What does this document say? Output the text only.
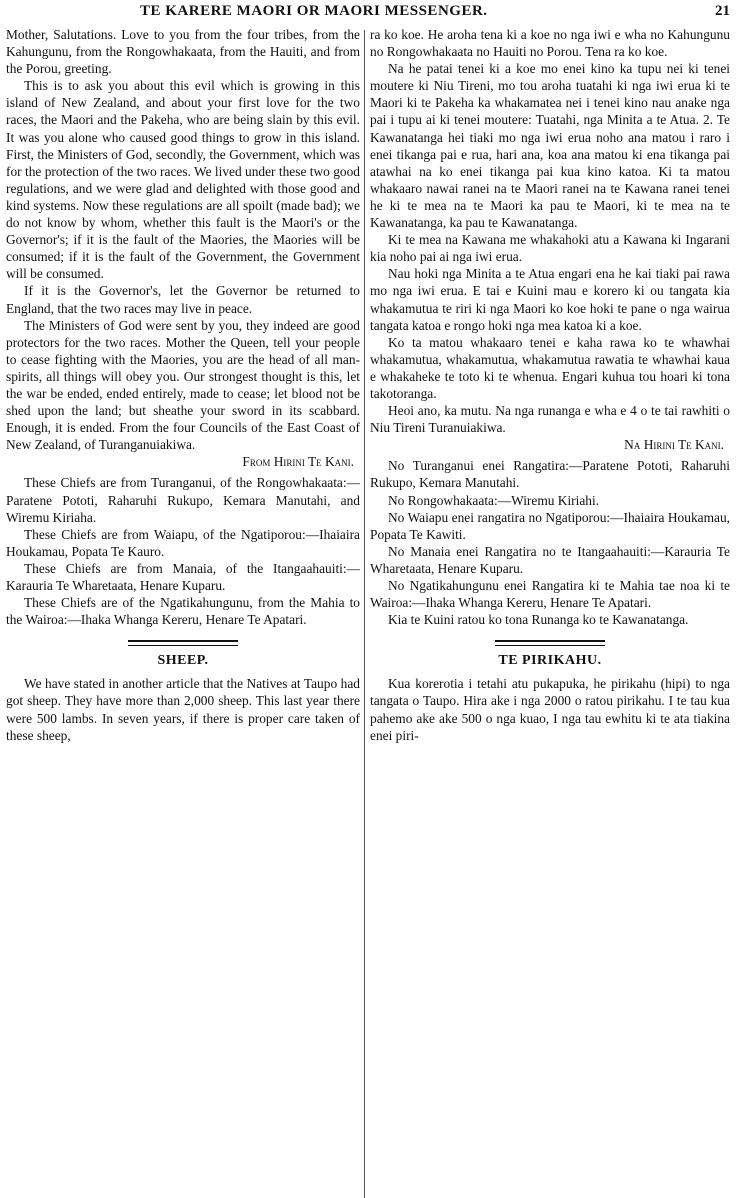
TE KARERE MAORI OR MAORI MESSENGER.	21

Mother, Salutations. Love to you from the four tribes, from the Kahungunu, from the Rongowhakaata, from the Hauiti, and from the Porou, greeting.

This is to ask you about this evil which is growing in this island of New Zealand, and about your first love for the two races, the Maori and the Pakeha, who are being slain by this evil. It was you alone who caused good things to grow in this island. First, the Ministers of God, secondly, the Government, which was for the protection of the two races. We lived under these two good regulations, and we were glad and delighted with those good and kind systems. Now these regulations are all spoilt (made bad); we do not know by whom, whether this fault is the Maori's or the Governor's; if it is the fault of the Maories, the Maories will be consumed; if it is the fault of the Government, the Government will be consumed.

If it is the Governor's, let the Governor be returned to England, that the two races may live in peace.

The Ministers of God were sent by you, they indeed are good protectors for the two races. Mother the Queen, tell your people to cease fighting with the Maories, you are the head of all man-spirits, all things will obey you. Our strongest thought is this, let the war be ended, ended entirely, made to cease; let blood not be shed upon the land; but sheathe your sword in its scabbard. Enough, it is ended. From the four Councils of the East Coast of New Zealand, of Turanganuiakiwa.

From Hirini Te Kani.

These Chiefs are from Turanganui, of the Rongowhakaata:—Paratene Pototi, Raharuhi Rukupo, Kemara Manutahi, and Wiremu Kiriaha.

These Chiefs are from Waiapu, of the Ngatiporou:—Ihaiaira Houkamau, Popata Te Kauro.

These Chiefs are from Manaia, of the Itangaahauiti:—Karauria Te Wharetaata, Henare Kuparu.

These Chiefs are of the Ngatikahungunu, from the Mahia to the Wairoa:—Ihaka Whanga Kereru, Henare Te Apatari.

SHEEP.

We have stated in another article that the Natives at Taupo had got sheep. They have more than 2,000 sheep. This last year there were 500 lambs. In seven years, if there is proper care taken of these sheep,

ra ko koe. He aroha tena ki a koe no nga iwi e wha no Kahungunu no Rongowhakaata no Hauiti no Porou. Tena ra ko koe.

Na he patai tenei ki a koe mo enei kino ka tupu nei ki tenei moutere ki Niu Tireni, mo tou aroha tuatahi ki nga iwi erua ki te Maori ki te Pakeha ka whakamatea nei i tenei kino nau anake nga pai i tupu ai ki tenei moutere: Tuatahi, nga Minita a te Atua. 2. Te Kawanatanga hei tiaki mo nga iwi erua noho ana matou i raro i enei tikanga pai e rua, hari ana, koa ana matou ki ena tikanga pai atawhai na ko enei tikanga pai kua kino katoa. Ki ta matou whakaaro nawai ranei na te Maori ranei na te Kawana ranei tenei he ki te mea na te Maori ka pau te Maori, ki te mea na te Kawanatanga, ka pau te Kawanatanga.

Ki te mea na Kawana me whakahoki atu a Kawana ki Ingarani kia noho pai ai nga iwi erua.

Nau hoki nga Minita a te Atua engari ena he kai tiaki pai rawa mo nga iwi erua. E tai e Kuini mau e korero ki ou tangata kia whakamutua te riri ki nga Maori ko koe hoki te pane o nga wairua tangata katoa e rongo hoki nga mea katoa ki a koe.

Ko ta matou whakaaro tenei e kaha rawa ko te whawhai whakamutua, whakamutua, whakamutua rawatia te whawhai kaua e whakaheke te toto ki te whenua. Engari kuhua tou hoari ki tona takotoranga.

Heoi ano, ka mutu. Na nga runanga e wha e 4 o te tai rawhiti o Niu Tireni Turanuiakiwa.

Na Hirini Te Kani.

No Turanganui enei Rangatira:—Paratene Pototi, Raharuhi Rukupo, Kemara Manutahi.

No Rongowhakaata:—Wiremu Kiriahi.

No Waiapu enei rangatira no Ngatiporou:—Ihaiaira Houkamau, Popata Te Kawiti.

No Manaia enei Rangatira no te Itangaahauiti:—Karauria Te Wharetaata, Henare Kuparu.

No Ngatikahungunu enei Rangatira ki te Mahia tae noa ki te Wairoa:—Ihaka Whanga Kereru, Henare Te Apatari.

Kia te Kuini ratou ko tona Runanga ko te Kawanatanga.

TE PIRIKAHU.

Kua korerotia i tetahi atu pukapuka, he pirikahu (hipi) to nga tangata o Taupo. Hira ake i nga 2000 o ratou pirikahu. I te tau kua pahemo ake ake 500 o nga kuao, I nga tau ewhitu ki te ata tiakina enei piri-
